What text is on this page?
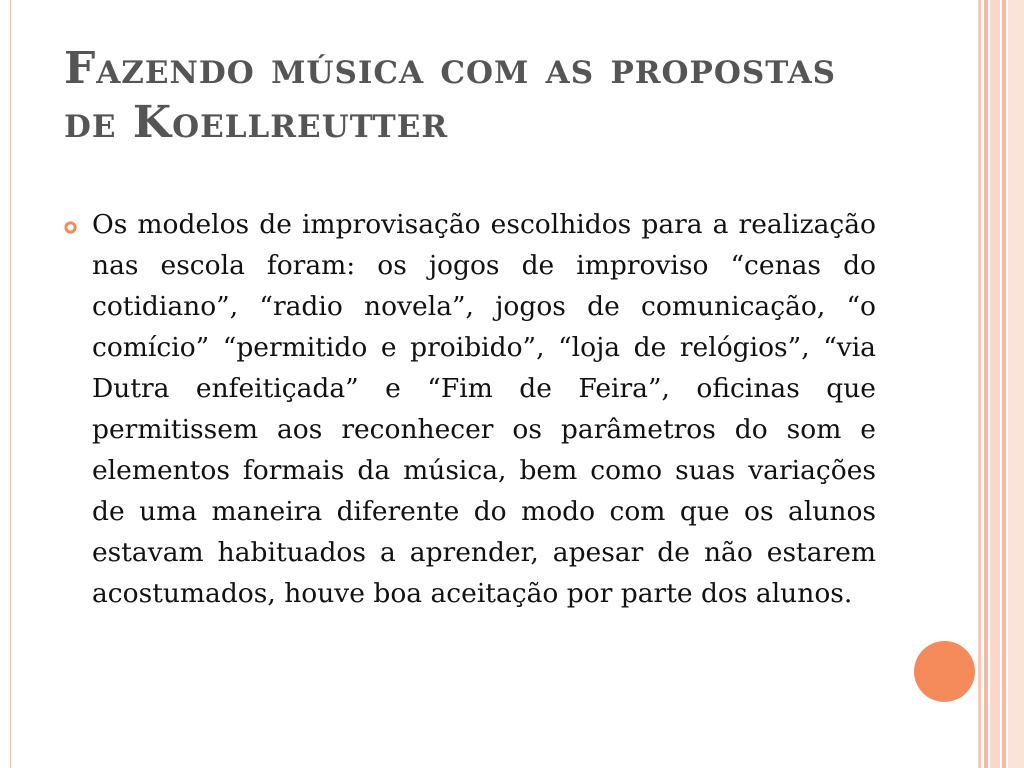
Fazendo música com as propostas de Koellreutter

Os modelos de improvisação escolhidos para a realização nas escola foram: os jogos de improviso “cenas do cotidiano”, “radio novela”, jogos de comunicação, “o comício” “permitido e proibido”, “loja de relógios”, “via Dutra enfeitiçada” e “Fim de Feira”, oficinas que permitissem aos reconhecer os parâmetros do som e elementos formais da música, bem como suas variações de uma maneira diferente do modo com que os alunos estavam habituados a aprender, apesar de não estarem acostumados, houve boa aceitação por parte dos alunos.
